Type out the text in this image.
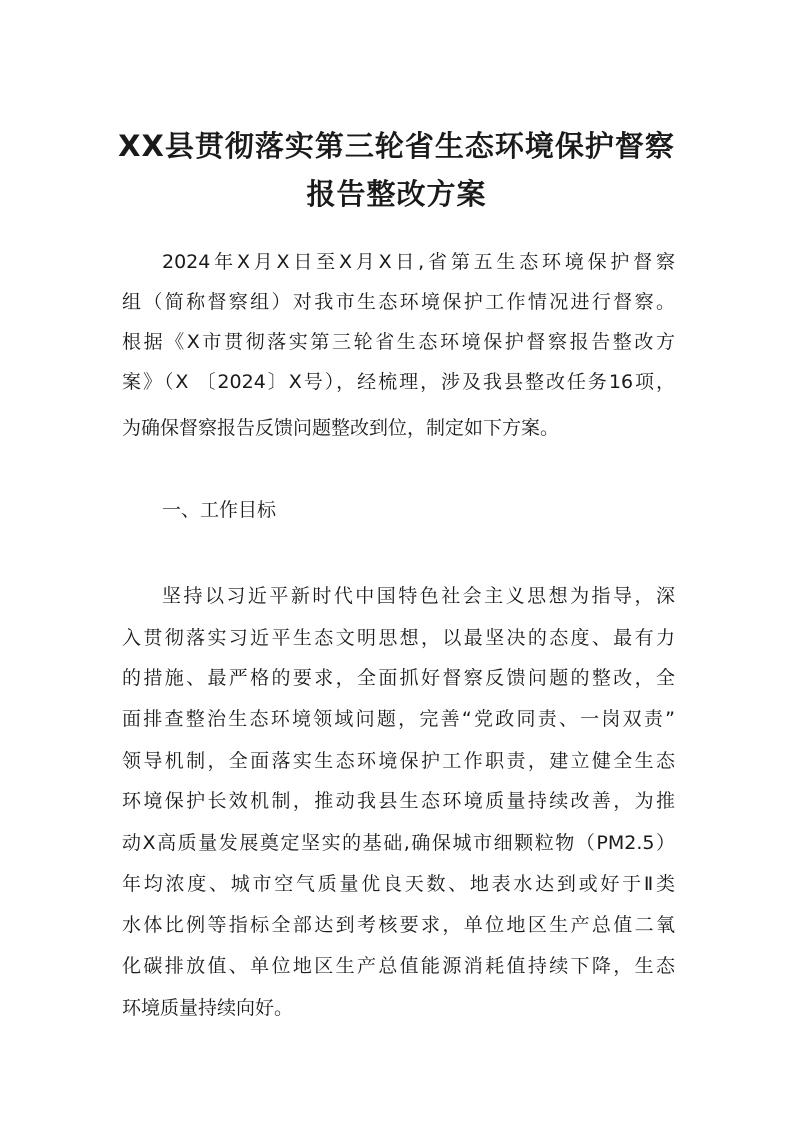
XX县贯彻落实第三轮省生态环境保护督察
报告整改方案
2024年X月X日至X月X日,省第五生态环境保护督察
组（简称督察组）对我市生态环境保护工作情况进行督察。
根据《X市贯彻落实第三轮省生态环境保护督察报告整改方
案》（X 〔2024〕X号），经梳理，涉及我县整改任务16项，
为确保督察报告反馈问题整改到位，制定如下方案。
一、工作目标
坚持以习近平新时代中国特色社会主义思想为指导，深
入贯彻落实习近平生态文明思想，以最坚决的态度、最有力
的措施、最严格的要求，全面抓好督察反馈问题的整改，全
面排查整治生态环境领域问题，完善“党政同责、一岗双责”
领导机制，全面落实生态环境保护工作职责，建立健全生态
环境保护长效机制，推动我县生态环境质量持续改善，为推
动X高质量发展奠定坚实的基础,确保城市细颗粒物（PM2.5）
年均浓度、城市空气质量优良天数、地表水达到或好于Ⅱ类
水体比例等指标全部达到考核要求，单位地区生产总值二氧
化碳排放值、单位地区生产总值能源消耗值持续下降，生态
环境质量持续向好。
